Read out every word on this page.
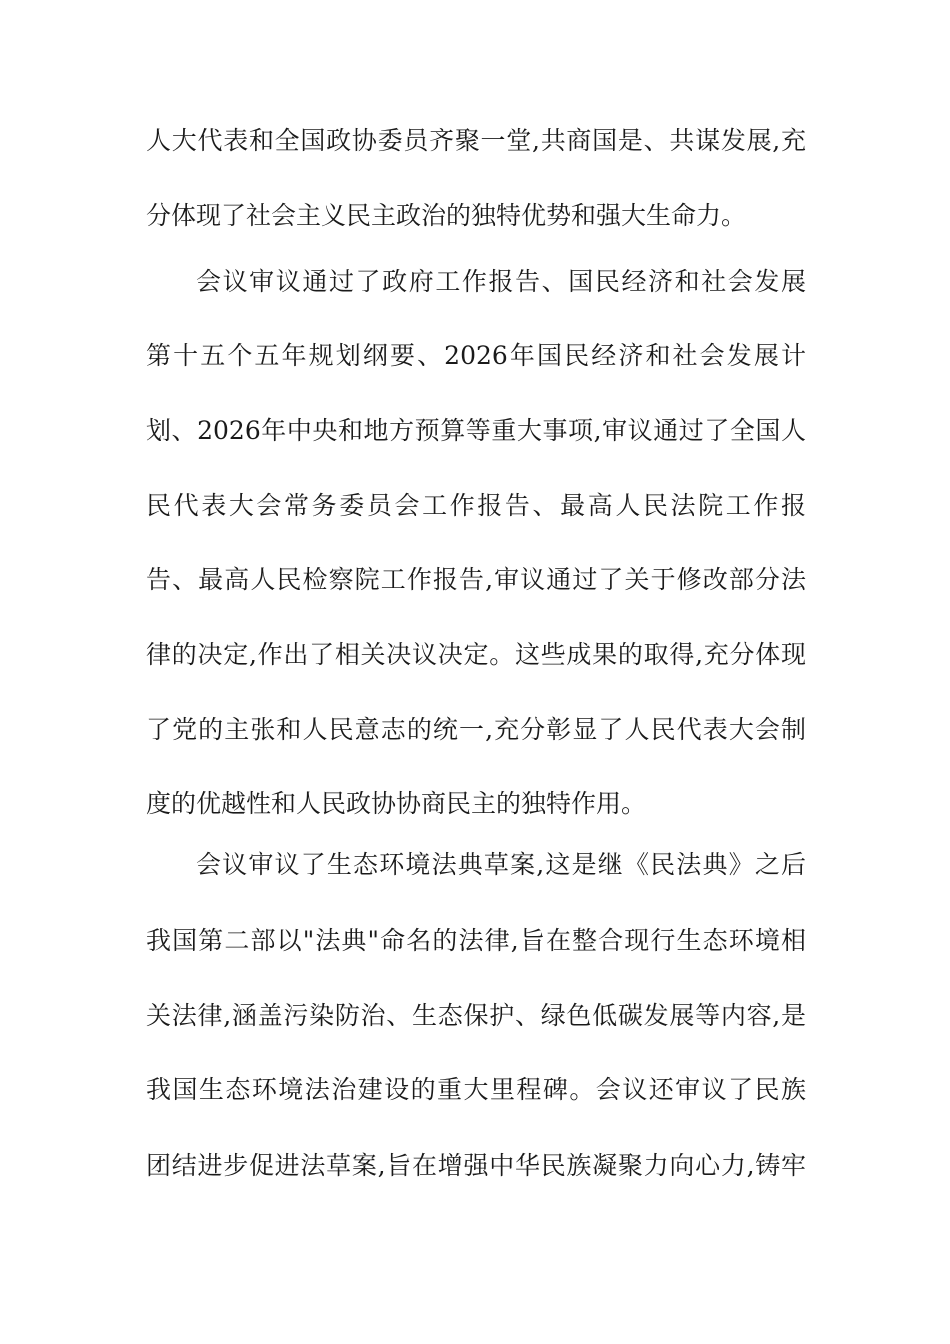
人大代表和全国政协委员齐聚一堂,共商国是、共谋发展,充
分体现了社会主义民主政治的独特优势和强大生命力。
会议审议通过了政府工作报告、国民经济和社会发展
第十五个五年规划纲要、2026年国民经济和社会发展计
划、2026年中央和地方预算等重大事项,审议通过了全国人
民代表大会常务委员会工作报告、最高人民法院工作报
告、最高人民检察院工作报告,审议通过了关于修改部分法
律的决定,作出了相关决议决定。这些成果的取得,充分体现
了党的主张和人民意志的统一,充分彰显了人民代表大会制
度的优越性和人民政协协商民主的独特作用。
会议审议了生态环境法典草案,这是继《民法典》之后
我国第二部以"法典"命名的法律,旨在整合现行生态环境相
关法律,涵盖污染防治、生态保护、绿色低碳发展等内容,是
我国生态环境法治建设的重大里程碑。会议还审议了民族
团结进步促进法草案,旨在增强中华民族凝聚力向心力,铸牢
